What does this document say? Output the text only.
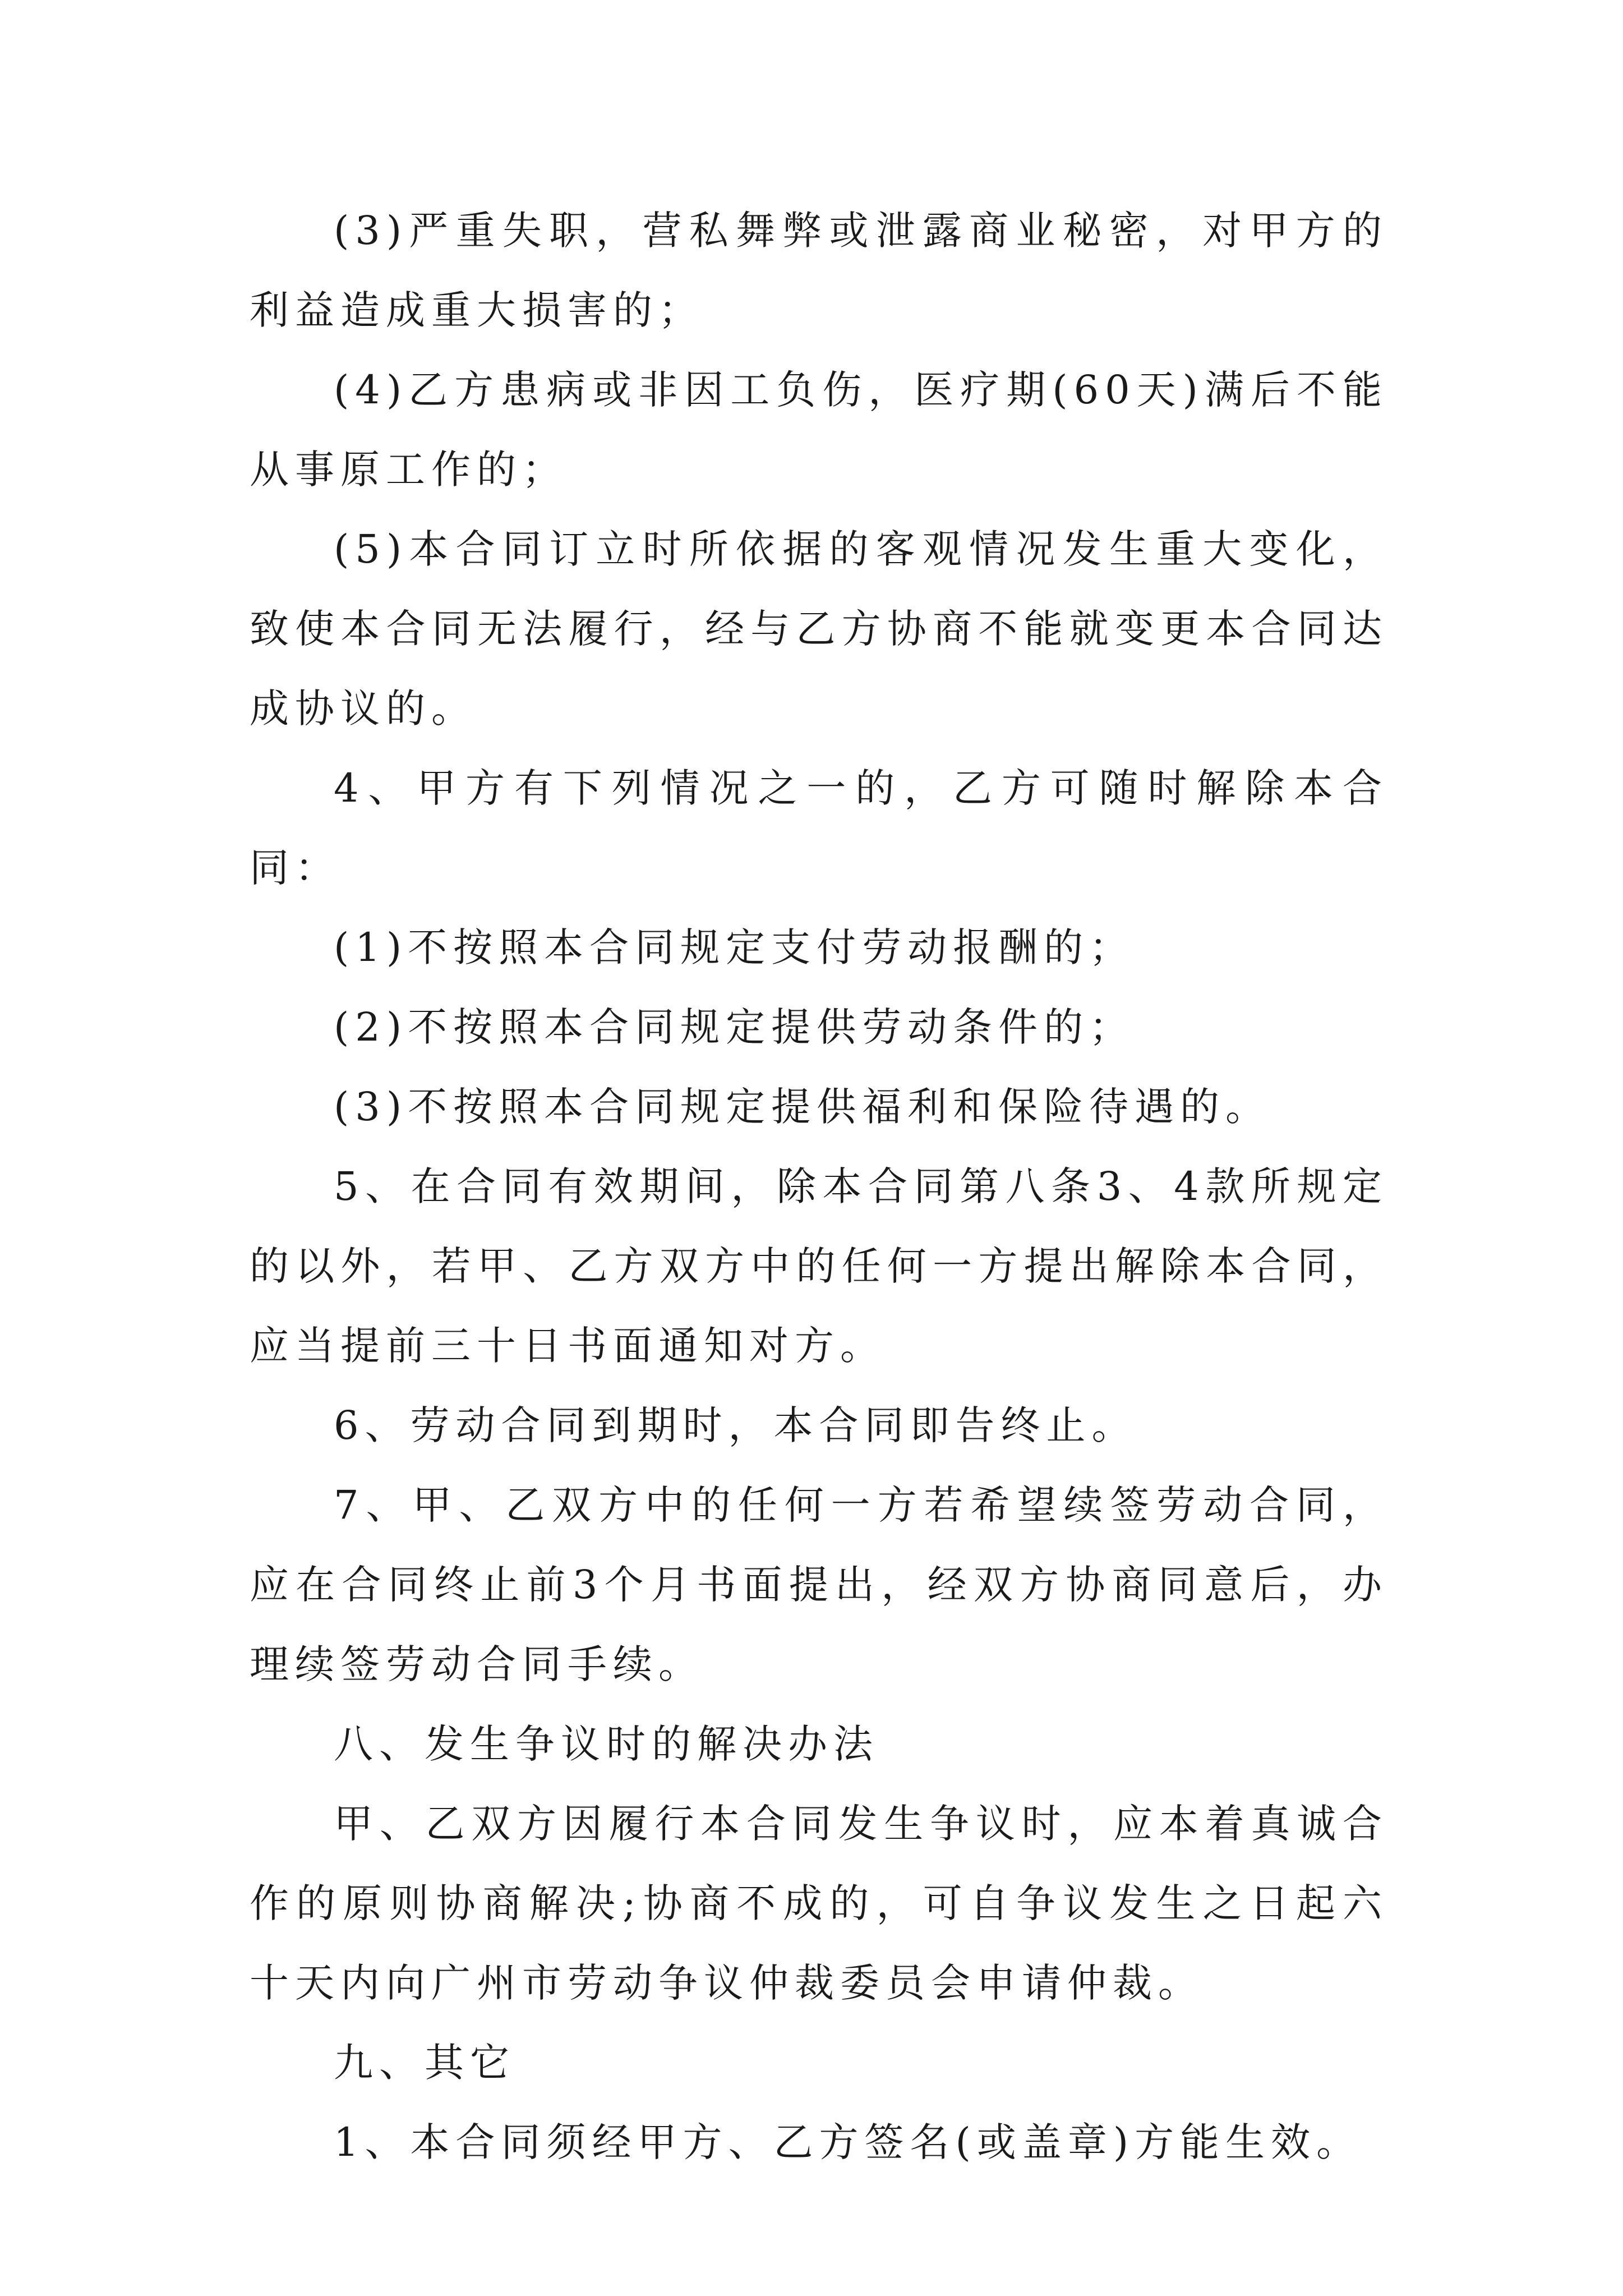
(3)严重失职，营私舞弊或泄露商业秘密，对甲方的利益造成重大损害的；

(4)乙方患病或非因工负伤，医疗期(60天)满后不能从事原工作的；

(5)本合同订立时所依据的客观情况发生重大变化，致使本合同无法履行，经与乙方协商不能就变更本合同达成协议的。

4、甲方有下列情况之一的，乙方可随时解除本合同：

(1)不按照本合同规定支付劳动报酬的；

(2)不按照本合同规定提供劳动条件的；

(3)不按照本合同规定提供福利和保险待遇的。

5、在合同有效期间，除本合同第八条3、4款所规定的以外，若甲、乙方双方中的任何一方提出解除本合同，应当提前三十日书面通知对方。

6、劳动合同到期时，本合同即告终止。

7、甲、乙双方中的任何一方若希望续签劳动合同，应在合同终止前3个月书面提出，经双方协商同意后，办理续签劳动合同手续。

八、发生争议时的解决办法

甲、乙双方因履行本合同发生争议时，应本着真诚合作的原则协商解决;协商不成的，可自争议发生之日起六十天内向广州市劳动争议仲裁委员会申请仲裁。

九、其它

1、本合同须经甲方、乙方签名(或盖章)方能生效。
